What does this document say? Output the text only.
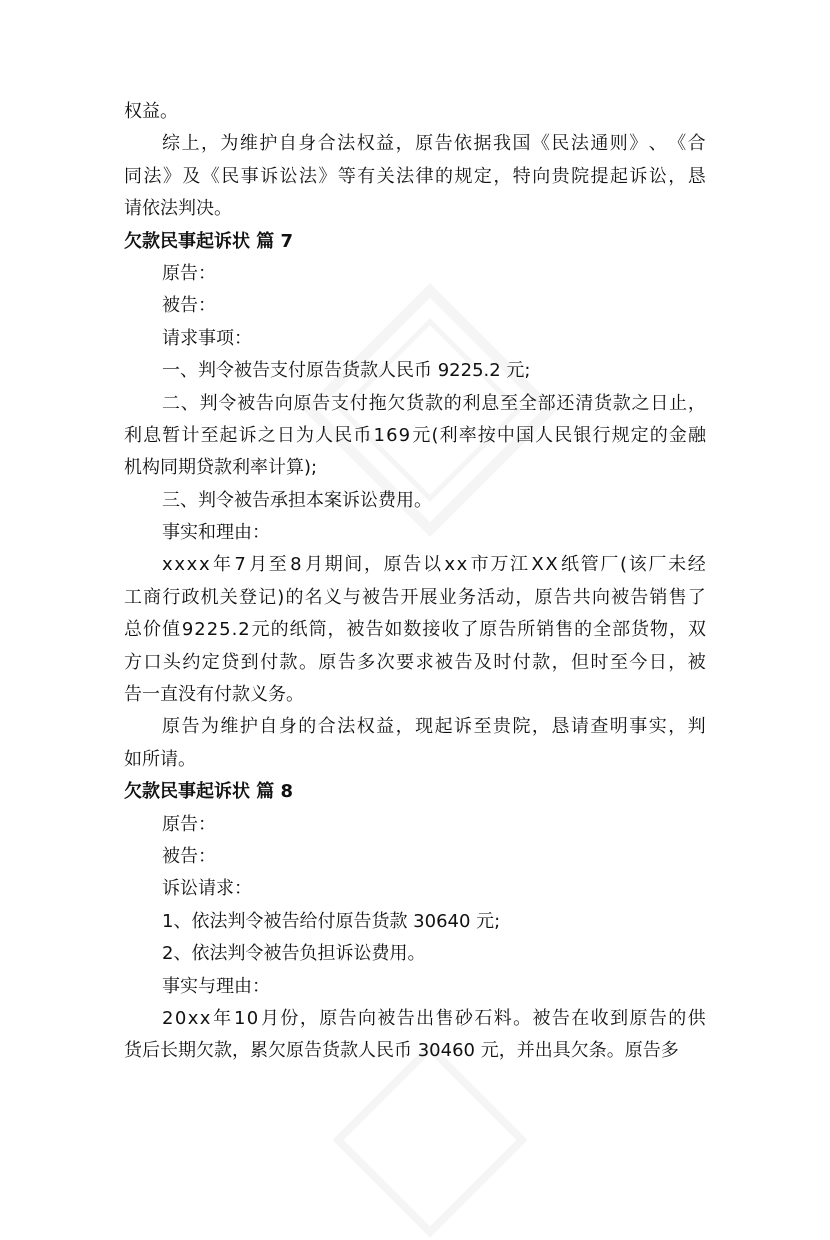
权益。
综 上 ， 为 维 护 自 身 合 法 权 益 ， 原 告 依 据 我 国 《 民 法 通 则 》 、 《 合
同 法 》 及 《 民 事 诉 讼 法 》 等 有 关 法 律 的 规 定 ， 特 向 贵 院 提 起 诉 讼 ， 恳
请依法判决。
欠款民事起诉状 篇 7
原告：
被告：
请求事项：
一、判令被告支付原告货款人民币 9225.2 元;
二 、 判 令 被 告 向 原 告 支 付 拖 欠 货 款 的 利 息 至 全 部 还 清 货 款 之 日 止 ，
利 息 暂 计 至 起 诉 之 日 为 人 民 币 1 6 9 元 ( 利 率 按 中 国 人 民 银 行 规 定 的 金 融
机构同期贷款利率计算);
三、判令被告承担本案诉讼费用。
事实和理由：
x x x x 年 7 月 至 8 月 期 间 ， 原 告 以 x x 市 万 江 X X 纸 管 厂 ( 该 厂 未 经
工 商 行 政 机 关 登 记 ) 的 名 义 与 被 告 开 展 业 务 活 动 ， 原 告 共 向 被 告 销 售 了
总 价 值 9 2 2 5 . 2 元 的 纸 筒 ， 被 告 如 数 接 收 了 原 告 所 销 售 的 全 部 货 物 ， 双
方 口 头 约 定 贷 到 付 款 。 原 告 多 次 要 求 被 告 及 时 付 款 ， 但 时 至 今 日 ， 被
告一直没有付款义务。
原 告 为 维 护 自 身 的 合 法 权 益 ， 现 起 诉 至 贵 院 ， 恳 请 查 明 事 实 ， 判
如所请。
欠款民事起诉状 篇 8
原告：
被告：
诉讼请求：
1、依法判令被告给付原告货款 30640 元;
2、依法判令被告负担诉讼费用。
事实与理由：
2 0 x x 年 1 0 月 份 ， 原 告 向 被 告 出 售 砂 石 料 。 被 告 在 收 到 原 告 的 供
货后长期欠款，累欠原告货款人民币 30460 元，并出具欠条。原告多
